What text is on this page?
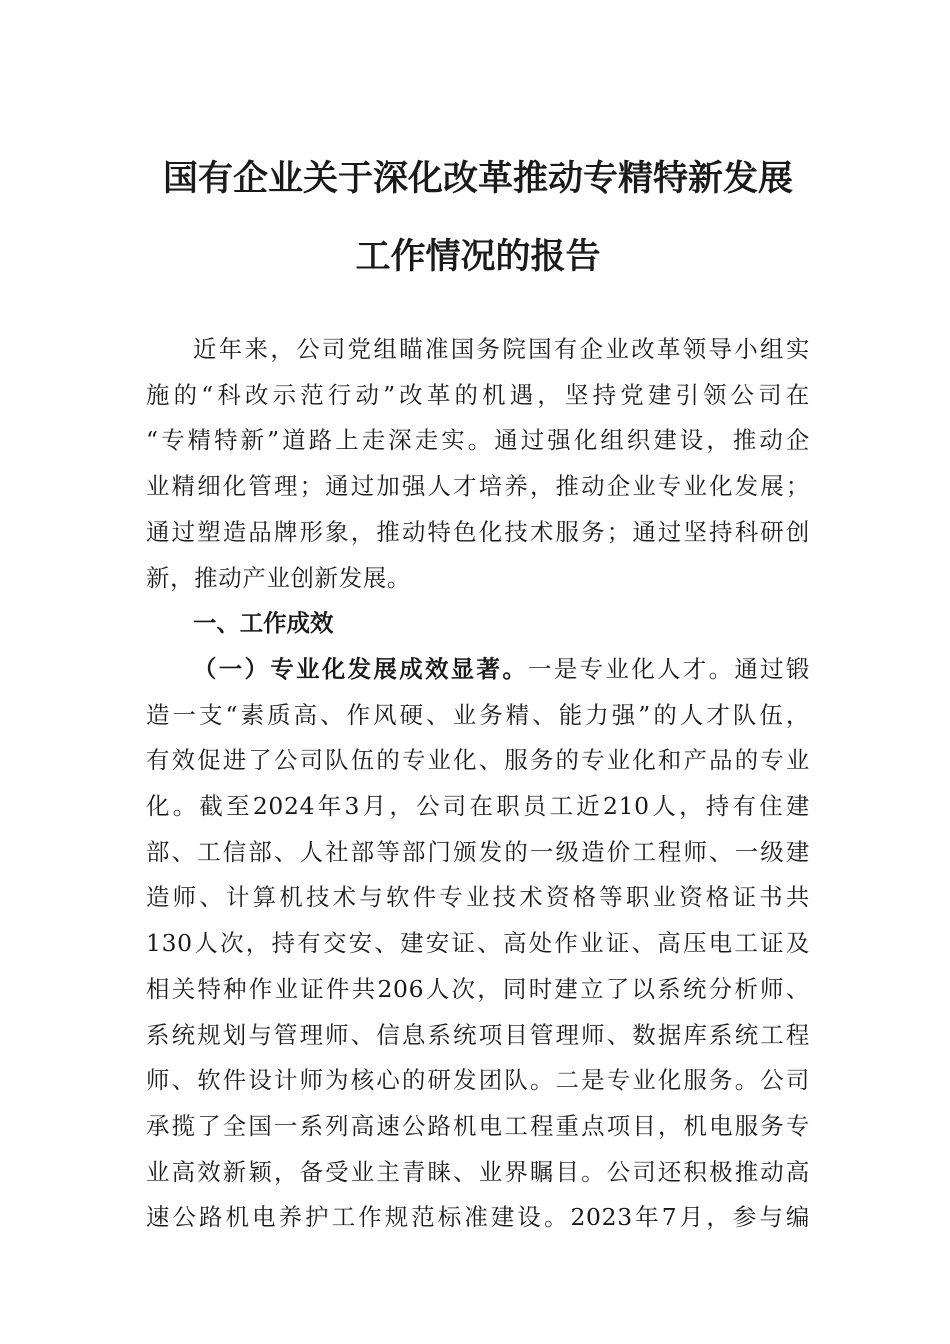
国有企业关于深化改革推动专精特新发展
工作情况的报告

近年来，公司党组瞄准国务院国有企业改革领导小组实
施的“科改示范行动”改革的机遇，坚持党建引领公司在
“专精特新”道路上走深走实。通过强化组织建设，推动企
业精细化管理；通过加强人才培养，推动企业专业化发展；
通过塑造品牌形象，推动特色化技术服务；通过坚持科研创
新，推动产业创新发展。

一、工作成效

（一）专业化发展成效显著。一是专业化人才。通过锻
造一支“素质高、作风硬、业务精、能力强”的人才队伍，
有效促进了公司队伍的专业化、服务的专业化和产品的专业
化。截至2024年3月，公司在职员工近210人，持有住建
部、工信部、人社部等部门颁发的一级造价工程师、一级建
造师、计算机技术与软件专业技术资格等职业资格证书共
130人次，持有交安、建安证、高处作业证、高压电工证及
相关特种作业证件共206人次，同时建立了以系统分析师、
系统规划与管理师、信息系统项目管理师、数据库系统工程
师、软件设计师为核心的研发团队。二是专业化服务。公司
承揽了全国一系列高速公路机电工程重点项目，机电服务专
业高效新颖，备受业主青睐、业界瞩目。公司还积极推动高
速公路机电养护工作规范标准建设。2023年7月，参与编
